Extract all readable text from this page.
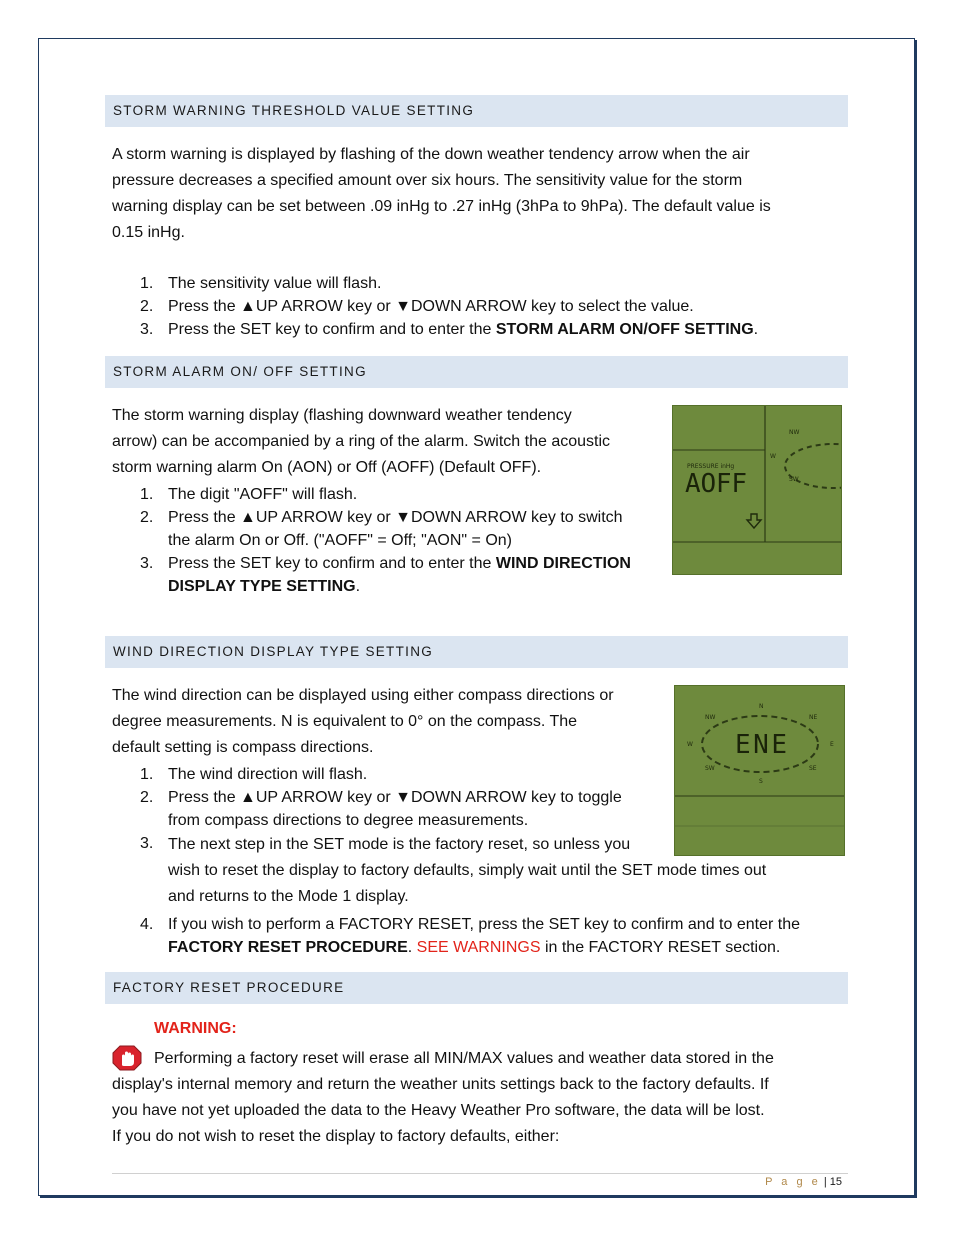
STORM WARNING THRESHOLD VALUE SETTING
A storm warning is displayed by flashing of the down weather tendency arrow when the air
pressure decreases a specified amount over six hours. The sensitivity value for the storm
warning display can be set between .09 inHg to .27 inHg (3hPa to 9hPa). The default value is
0.15 inHg.
1. The sensitivity value will flash.
2. Press the ▲UP ARROW key or ▼DOWN ARROW key to select the value.
3. Press the SET key to confirm and to enter the STORM ALARM ON/OFF SETTING.
STORM ALARM ON/ OFF SETTING
The storm warning display (flashing downward weather tendency
arrow) can be accompanied by a ring of the alarm. Switch the acoustic
storm warning alarm On (AON) or Off (AOFF) (Default OFF).
1. The digit "AOFF" will flash.
2. Press the ▲UP ARROW key or ▼DOWN ARROW key to switch
the alarm On or Off. ("AOFF" = Off; "AON" = On)
3. Press the SET key to confirm and to enter the WIND DIRECTION
DISPLAY TYPE SETTING.
PRESSURE inHg
AOFF
NW
W
SW
WIND DIRECTION DISPLAY TYPE SETTING
The wind direction can be displayed using either compass directions or
degree measurements. N is equivalent to 0° on the compass. The
default setting is compass directions.
1. The wind direction will flash.
2. Press the ▲UP ARROW key or ▼DOWN ARROW key to toggle
from compass directions to degree measurements.
3. The next step in the SET mode is the factory reset, so unless you
wish to reset the display to factory defaults, simply wait until the SET mode times out
and returns to the Mode 1 display.
4. If you wish to perform a FACTORY RESET, press the SET key to confirm and to enter the
FACTORY RESET PROCEDURE. SEE WARNINGS in the FACTORY RESET section.
ENE
N
S
E
W
NW	NE
SW	SE
FACTORY RESET PROCEDURE
WARNING:
Performing a factory reset will erase all MIN/MAX values and weather data stored in the
display's internal memory and return the weather units settings back to the factory defaults. If
you have not yet uploaded the data to the Heavy Weather Pro software, the data will be lost.
If you do not wish to reset the display to factory defaults, either:
P a g e | 15
